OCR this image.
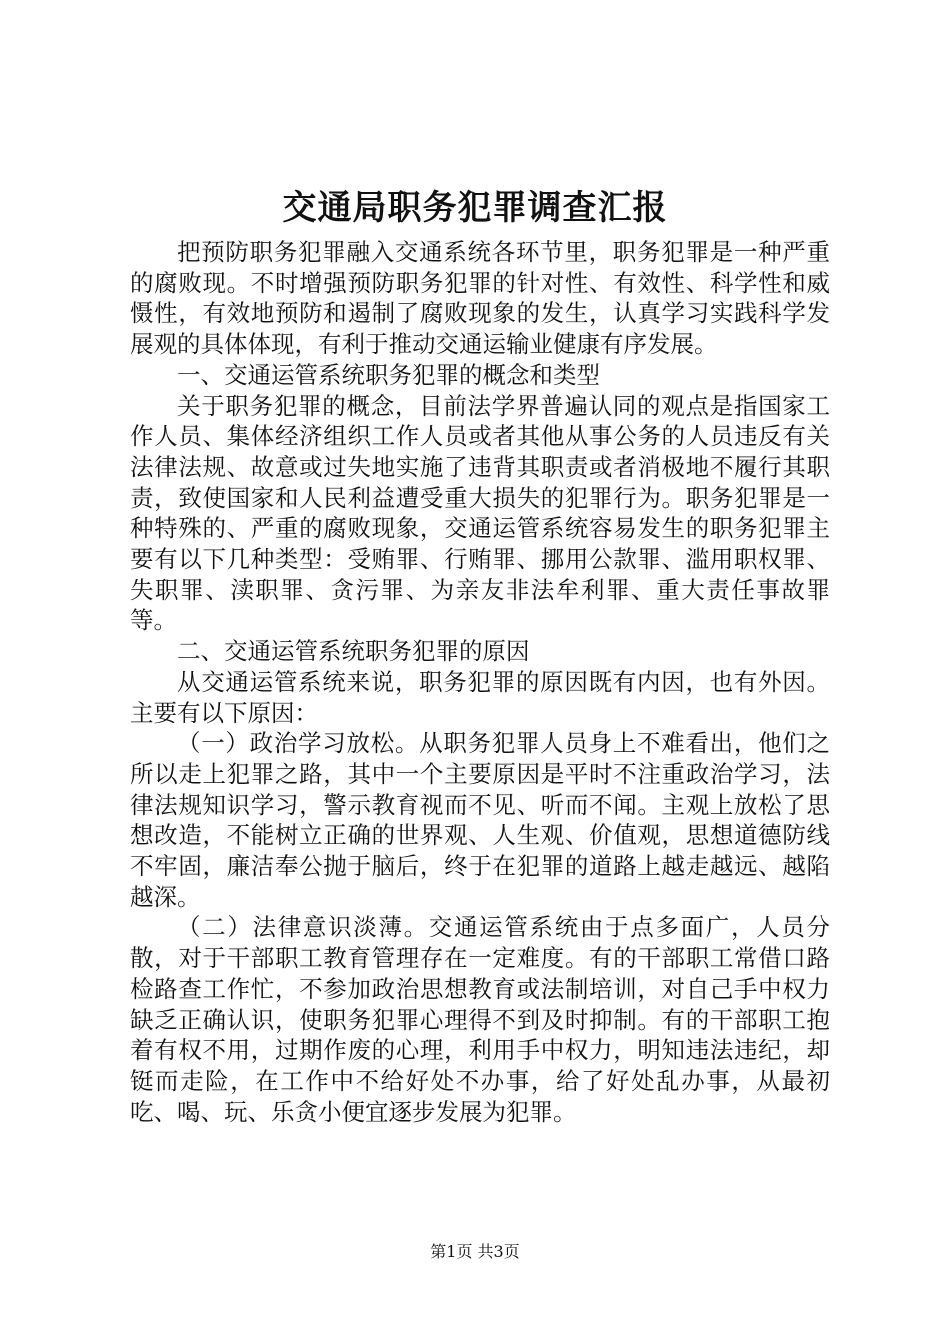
交通局职务犯罪调查汇报

把预防职务犯罪融入交通系统各环节里，职务犯罪是一种严重的腐败现。不时增强预防职务犯罪的针对性、有效性、科学性和威慑性，有效地预防和遏制了腐败现象的发生，认真学习实践科学发展观的具体体现，有利于推动交通运输业健康有序发展。

一、交通运管系统职务犯罪的概念和类型

关于职务犯罪的概念，目前法学界普遍认同的观点是指国家工作人员、集体经济组织工作人员或者其他从事公务的人员违反有关法律法规、故意或过失地实施了违背其职责或者消极地不履行其职责，致使国家和人民利益遭受重大损失的犯罪行为。职务犯罪是一种特殊的、严重的腐败现象，交通运管系统容易发生的职务犯罪主要有以下几种类型：受贿罪、行贿罪、挪用公款罪、滥用职权罪、失职罪、渎职罪、贪污罪、为亲友非法牟利罪、重大责任事故罪等。

二、交通运管系统职务犯罪的原因

从交通运管系统来说，职务犯罪的原因既有内因，也有外因。主要有以下原因：

（一）政治学习放松。从职务犯罪人员身上不难看出，他们之所以走上犯罪之路，其中一个主要原因是平时不注重政治学习，法律法规知识学习，警示教育视而不见、听而不闻。主观上放松了思想改造，不能树立正确的世界观、人生观、价值观，思想道德防线不牢固，廉洁奉公抛于脑后，终于在犯罪的道路上越走越远、越陷越深。

（二）法律意识淡薄。交通运管系统由于点多面广，人员分散，对于干部职工教育管理存在一定难度。有的干部职工常借口路检路查工作忙，不参加政治思想教育或法制培训，对自己手中权力缺乏正确认识，使职务犯罪心理得不到及时抑制。有的干部职工抱着有权不用，过期作废的心理，利用手中权力，明知违法违纪，却铤而走险，在工作中不给好处不办事，给了好处乱办事，从最初吃、喝、玩、乐贪小便宜逐步发展为犯罪。

第1页 共3页
